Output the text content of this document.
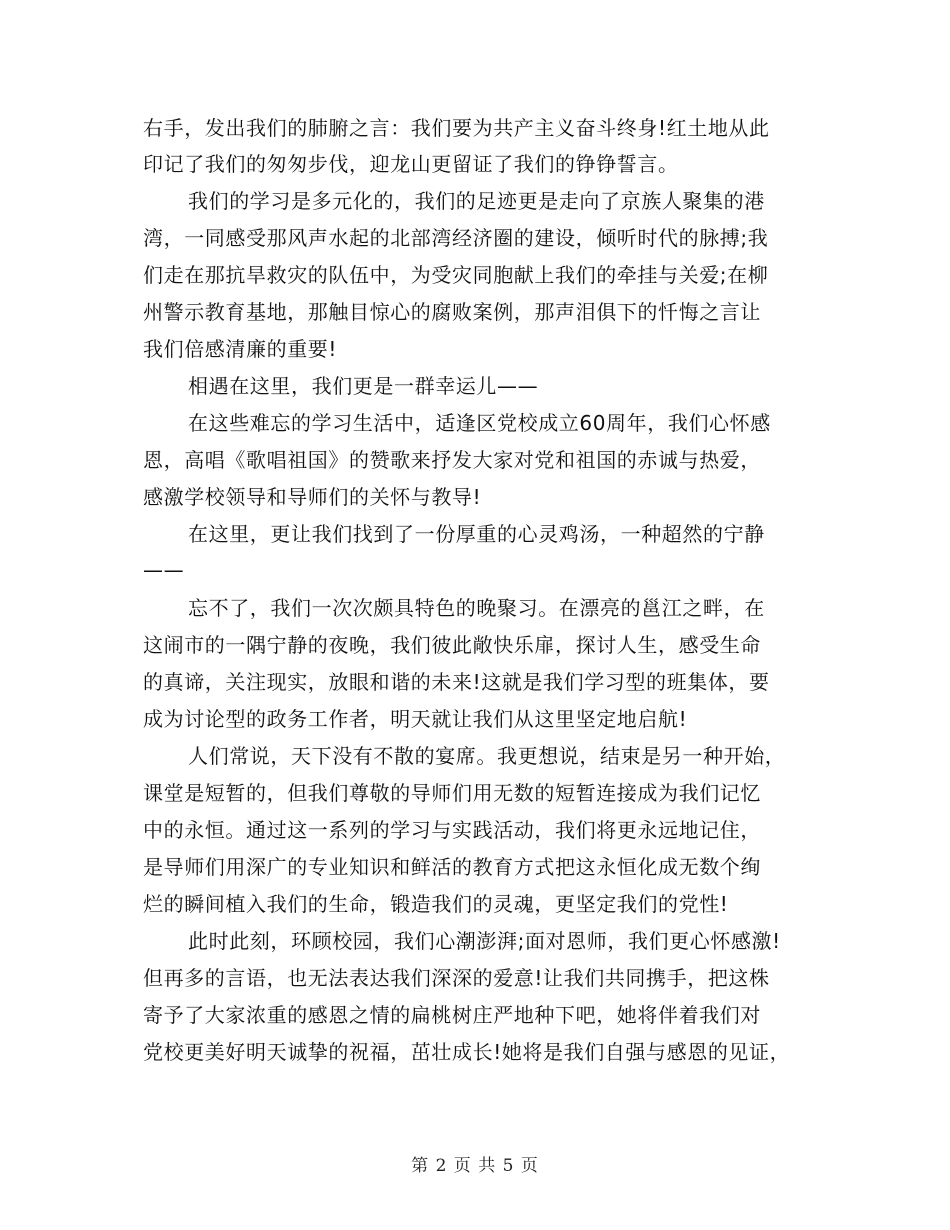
右手，发出我们的肺腑之言：我们要为共产主义奋斗终身!红土地从此
印记了我们的匆匆步伐，迎龙山更留证了我们的铮铮誓言。
我们的学习是多元化的，我们的足迹更是走向了京族人聚集的港
湾，一同感受那风声水起的北部湾经济圈的建设，倾听时代的脉搏;我
们走在那抗旱救灾的队伍中，为受灾同胞献上我们的牵挂与关爱;在柳
州警示教育基地，那触目惊心的腐败案例，那声泪俱下的忏悔之言让
我们倍感清廉的重要!
相遇在这里，我们更是一群幸运儿——
在这些难忘的学习生活中，适逢区党校成立60周年，我们心怀感
恩，高唱《歌唱祖国》的赞歌来抒发大家对党和祖国的赤诚与热爱，
感激学校领导和导师们的关怀与教导!
在这里，更让我们找到了一份厚重的心灵鸡汤，一种超然的宁静
——
忘不了，我们一次次颇具特色的晚聚习。在漂亮的邕江之畔，在
这闹市的一隅宁静的夜晚，我们彼此敞快乐扉，探讨人生，感受生命
的真谛，关注现实，放眼和谐的未来!这就是我们学习型的班集体，要
成为讨论型的政务工作者，明天就让我们从这里坚定地启航!
人们常说，天下没有不散的宴席。我更想说，结束是另一种开始，
课堂是短暂的，但我们尊敬的导师们用无数的短暂连接成为我们记忆
中的永恒。通过这一系列的学习与实践活动，我们将更永远地记住，
是导师们用深广的专业知识和鲜活的教育方式把这永恒化成无数个绚
烂的瞬间植入我们的生命，锻造我们的灵魂，更坚定我们的党性!
此时此刻，环顾校园，我们心潮澎湃;面对恩师，我们更心怀感激!
但再多的言语，也无法表达我们深深的爱意!让我们共同携手，把这株
寄予了大家浓重的感恩之情的扁桃树庄严地种下吧，她将伴着我们对
党校更美好明天诚挚的祝福，茁壮成长!她将是我们自强与感恩的见证，
第 2 页 共 5 页
